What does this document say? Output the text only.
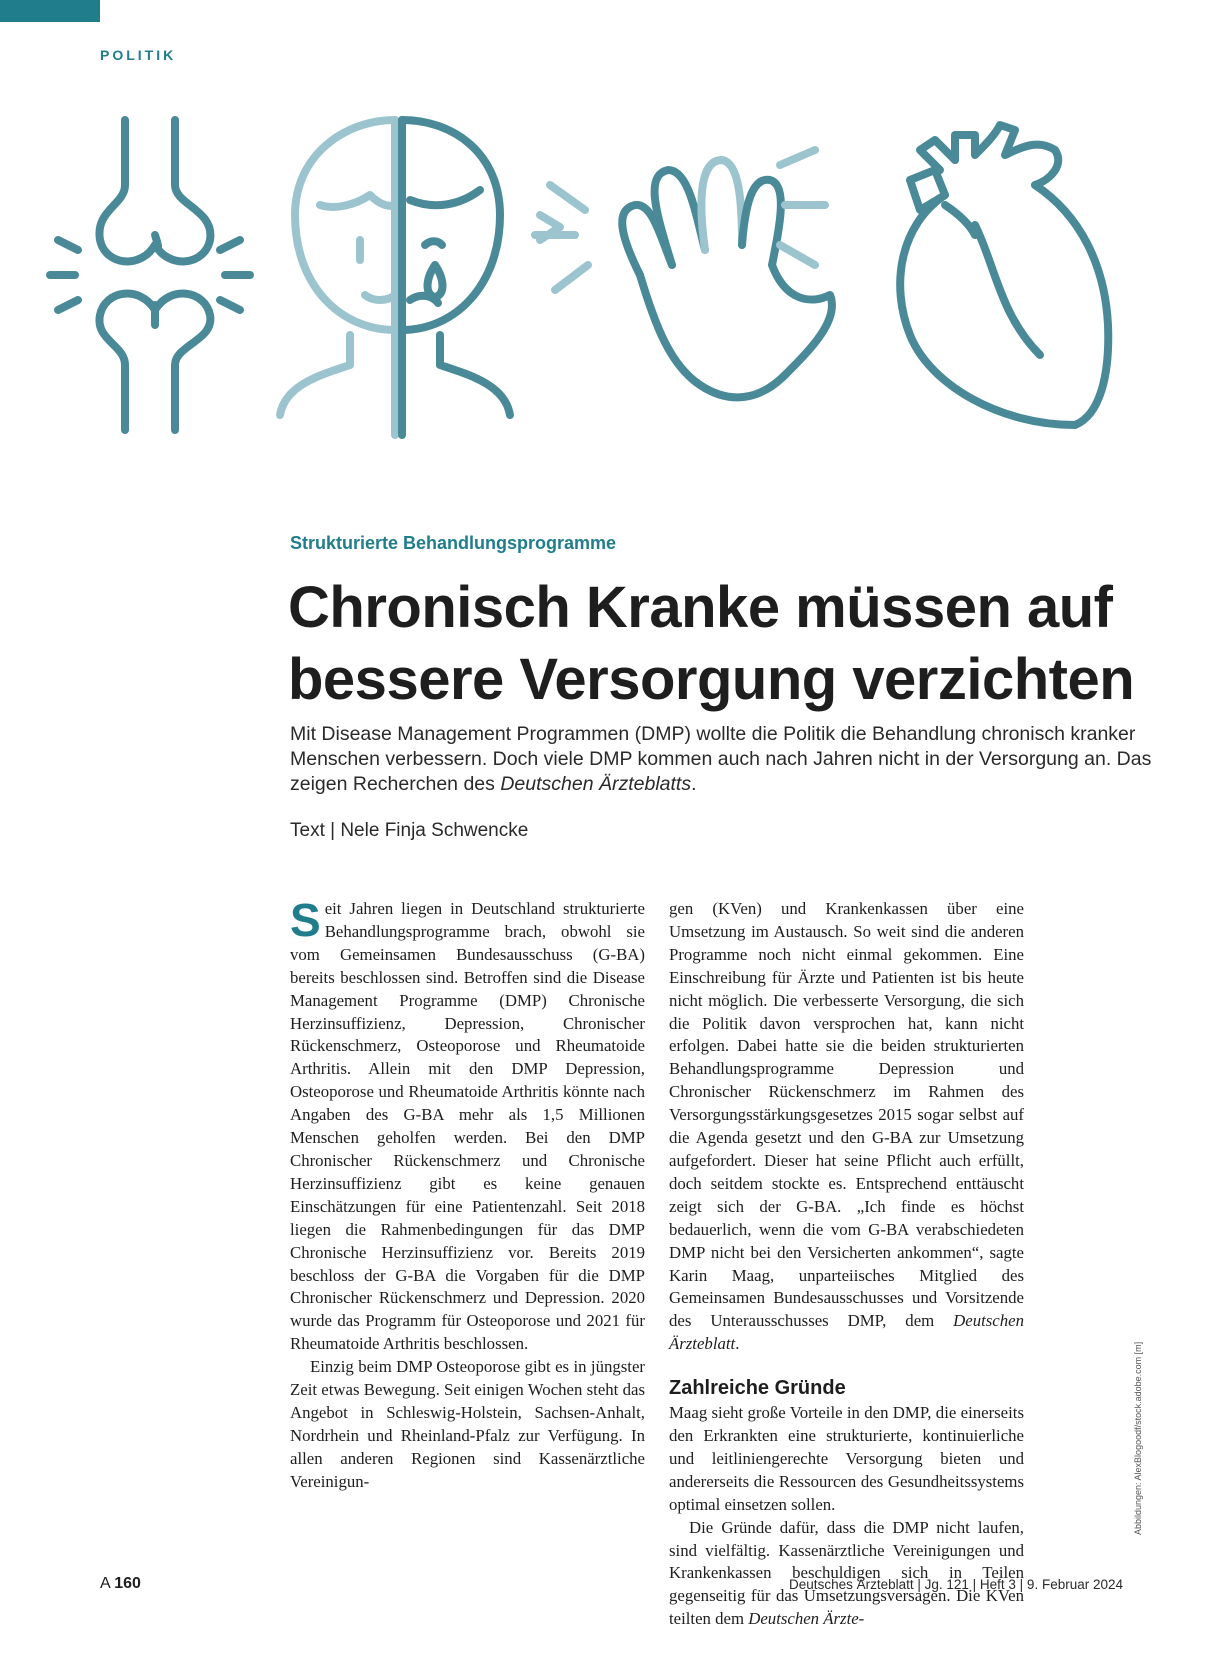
POLITIK
Strukturierte Behandlungsprogramme
Chronisch Kranke müssen auf
bessere Versorgung verzichten

Mit Disease Management Programmen (DMP) wollte die Politik die Behandlung chronisch kranker Menschen verbessern. Doch viele DMP kommen auch nach Jahren nicht in der Versorgung an. Das zeigen Recherchen des Deutschen Ärzteblatts.

Text | Nele Finja Schwencke

Seit Jahren liegen in Deutschland strukturierte Behandlungsprogramme brach, obwohl sie vom Gemeinsamen Bundesausschuss (G-BA) bereits beschlossen sind. Betroffen sind die Disease Management Programme (DMP) Chronische Herzinsuffizienz, Depression, Chronischer Rückenschmerz, Osteoporose und Rheumatoide Arthritis. Allein mit den DMP Depression, Osteoporose und Rheumatoide Arthritis könnte nach Angaben des G-BA mehr als 1,5 Millionen Menschen geholfen werden. Bei den DMP Chronischer Rückenschmerz und Chronische Herzinsuffizienz gibt es keine genauen Einschätzungen für eine Patientenzahl. Seit 2018 liegen die Rahmenbedingungen für das DMP Chronische Herzinsuffizienz vor. Bereits 2019 beschloss der G-BA die Vorgaben für die DMP Chronischer Rückenschmerz und Depression. 2020 wurde das Programm für Osteoporose und 2021 für Rheumatoide Arthritis beschlossen.

Einzig beim DMP Osteoporose gibt es in jüngster Zeit etwas Bewegung. Seit einigen Wochen steht das Angebot in Schleswig-Holstein, Sachsen-Anhalt, Nordrhein und Rheinland-Pfalz zur Verfügung. In allen anderen Regionen sind Kassenärztliche Vereinigun-

gen (KVen) und Krankenkassen über eine Umsetzung im Austausch. So weit sind die anderen Programme noch nicht einmal gekommen. Eine Einschreibung für Ärzte und Patienten ist bis heute nicht möglich. Die verbesserte Versorgung, die sich die Politik davon versprochen hat, kann nicht erfolgen. Dabei hatte sie die beiden strukturierten Behandlungsprogramme Depression und Chronischer Rückenschmerz im Rahmen des Versorgungsstärkungsgesetzes 2015 sogar selbst auf die Agenda gesetzt und den G-BA zur Umsetzung aufgefordert. Dieser hat seine Pflicht auch erfüllt, doch seitdem stockte es. Entsprechend enttäuscht zeigt sich der G-BA. „Ich finde es höchst bedauerlich, wenn die vom G-BA verabschiedeten DMP nicht bei den Versicherten ankommen“, sagte Karin Maag, unparteiisches Mitglied des Gemeinsamen Bundesausschusses und Vorsitzende des Unterausschusses DMP, dem Deutschen Ärzteblatt.

Zahlreiche Gründe

Maag sieht große Vorteile in den DMP, die einerseits den Erkrankten eine strukturierte, kontinuierliche und leitliniengerechte Versorgung bieten und andererseits die Ressourcen des Gesundheitssystems optimal einsetzen sollen.

Die Gründe dafür, dass die DMP nicht laufen, sind vielfältig. Kassenärztliche Vereinigungen und Krankenkassen beschuldigen sich in Teilen gegenseitig für das Umsetzungsversagen. Die KVen teilten dem Deutschen Ärzte-

Abbildungen: AlexBlogoodf/stock.adobe.com [m]
A 160	Deutsches Ärzteblatt | Jg. 121 | Heft 3 | 9. Februar 2024
